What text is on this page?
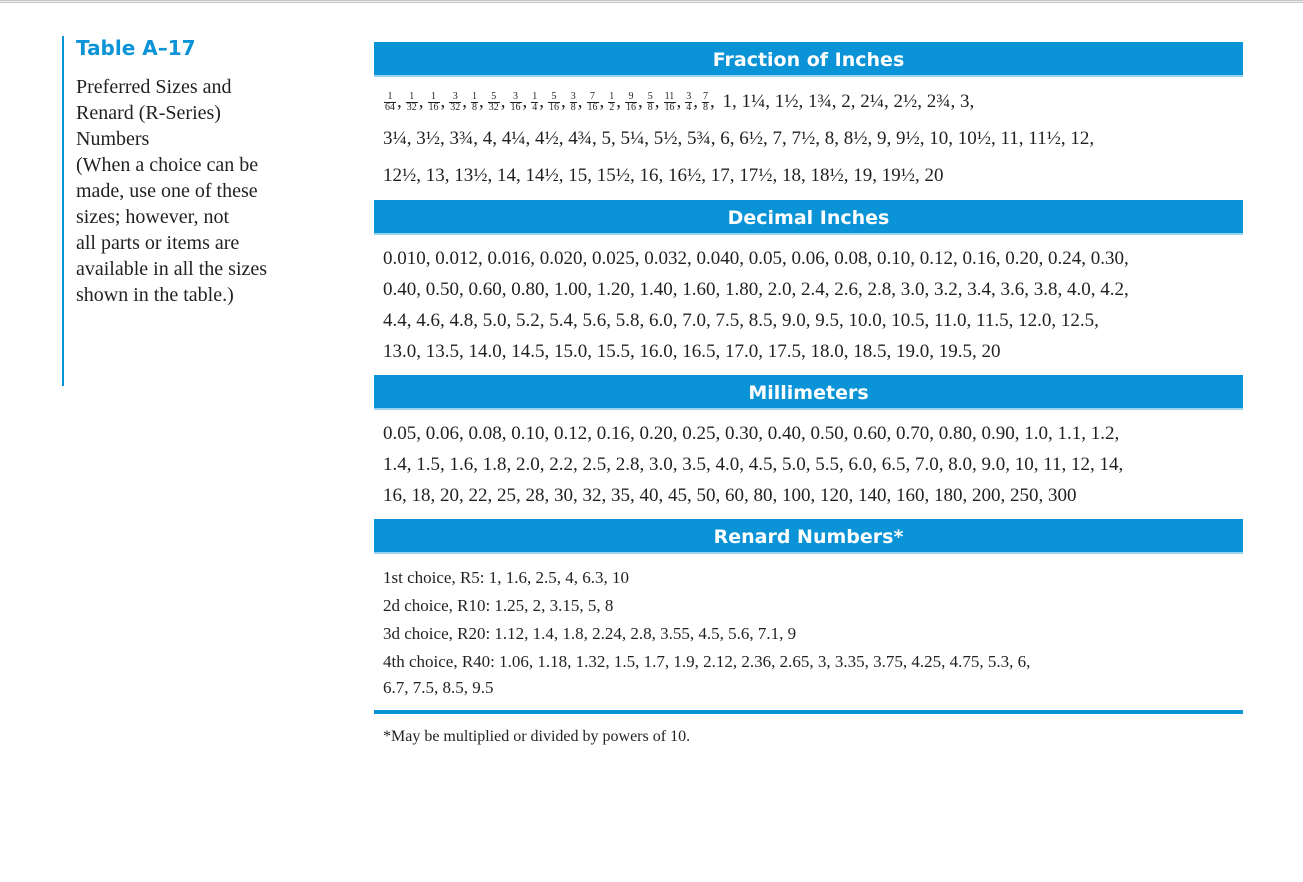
Table A–17
Preferred Sizes and
Renard (R-Series)
Numbers
(When a choice can be
made, use one of these
sizes; however, not
all parts or items are
available in all the sizes
shown in the table.)
Fraction of Inches
$\frac{1}{64}$ , $\frac{1}{32}$ , $\frac{1}{16}$ , $\frac{3}{32}$ , $\frac{1}{8}$ , $\frac{5}{32}$ , $\frac{3}{16}$ , $\frac{1}{4}$ , $\frac{5}{16}$ , $\frac{3}{8}$ , $\frac{7}{16}$ , $\frac{1}{2}$ , $\frac{9}{16}$ , $\frac{5}{8}$ , $\frac{11}{16}$ , $\frac{3}{4}$ , $\frac{7}{8}$ , 1, 1¼, 1½, 1¾, 2, 2¼, 2½, 2¾, 3,
3¼, 3½, 3¾, 4, 4¼, 4½, 4¾, 5, 5¼, 5½, 5¾, 6, 6½, 7, 7½, 8, 8½, 9, 9½, 10, 10½, 11, 11½, 12,
12½, 13, 13½, 14, 14½, 15, 15½, 16, 16½, 17, 17½, 18, 18½, 19, 19½, 20
Decimal Inches
0.010, 0.012, 0.016, 0.020, 0.025, 0.032, 0.040, 0.05, 0.06, 0.08, 0.10, 0.12, 0.16, 0.20, 0.24, 0.30,
0.40, 0.50, 0.60, 0.80, 1.00, 1.20, 1.40, 1.60, 1.80, 2.0, 2.4, 2.6, 2.8, 3.0, 3.2, 3.4, 3.6, 3.8, 4.0, 4.2,
4.4, 4.6, 4.8, 5.0, 5.2, 5.4, 5.6, 5.8, 6.0, 7.0, 7.5, 8.5, 9.0, 9.5, 10.0, 10.5, 11.0, 11.5, 12.0, 12.5,
13.0, 13.5, 14.0, 14.5, 15.0, 15.5, 16.0, 16.5, 17.0, 17.5, 18.0, 18.5, 19.0, 19.5, 20
Millimeters
0.05, 0.06, 0.08, 0.10, 0.12, 0.16, 0.20, 0.25, 0.30, 0.40, 0.50, 0.60, 0.70, 0.80, 0.90, 1.0, 1.1, 1.2,
1.4, 1.5, 1.6, 1.8, 2.0, 2.2, 2.5, 2.8, 3.0, 3.5, 4.0, 4.5, 5.0, 5.5, 6.0, 6.5, 7.0, 8.0, 9.0, 10, 11, 12, 14,
16, 18, 20, 22, 25, 28, 30, 32, 35, 40, 45, 50, 60, 80, 100, 120, 140, 160, 180, 200, 250, 300
Renard Numbers*
1st choice, R5: 1, 1.6, 2.5, 4, 6.3, 10
2d choice, R10: 1.25, 2, 3.15, 5, 8
3d choice, R20: 1.12, 1.4, 1.8, 2.24, 2.8, 3.55, 4.5, 5.6, 7.1, 9
4th choice, R40: 1.06, 1.18, 1.32, 1.5, 1.7, 1.9, 2.12, 2.36, 2.65, 3, 3.35, 3.75, 4.25, 4.75, 5.3, 6,
6.7, 7.5, 8.5, 9.5
*May be multiplied or divided by powers of 10.
